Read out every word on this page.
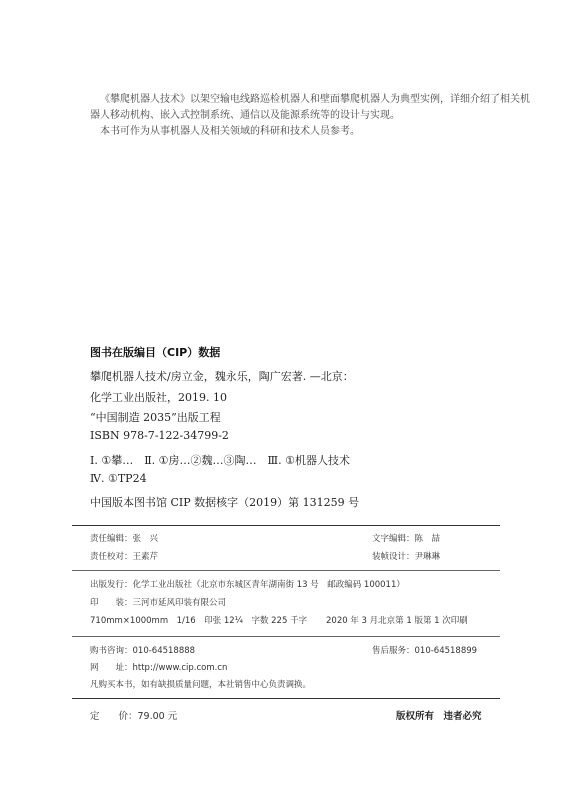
《攀爬机器人技术》以架空输电线路巡检机器人和壁面攀爬机器人为典型实例，详细介绍了相关机器人移动机构、嵌入式控制系统、通信以及能源系统等的设计与实现。

本书可作为从事机器人及相关领域的科研和技术人员参考。

图书在版编目（CIP）数据
攀爬机器人技术/房立金，魏永乐，陶广宏著. —北京：
化学工业出版社，2019. 10
“中国制造 2035”出版工程
ISBN 978-7-122-34799-2
Ⅰ. ①攀…　Ⅱ. ①房…②魏…③陶…　Ⅲ. ①机器人技术
Ⅳ. ①TP24
中国版本图书馆 CIP 数据核字（2019）第 131259 号
责任编辑：张　兴	文字编辑：陈　喆
责任校对：王素芹	装帧设计：尹琳琳
出版发行：化学工业出版社（北京市东城区青年湖南街 13 号　邮政编码 100011）
印　　装：三河市延风印装有限公司
710mm×1000mm　1/16　印张 12¼　字数 225 千字 2020 年 3 月北京第 1 版第 1 次印刷
购书咨询：010-64518888	售后服务：010-64518899
网　　址：http://www.cip.com.cn
凡购买本书，如有缺损质量问题，本社销售中心负责调换。
定　　价：79.00 元	版权所有　违者必究
